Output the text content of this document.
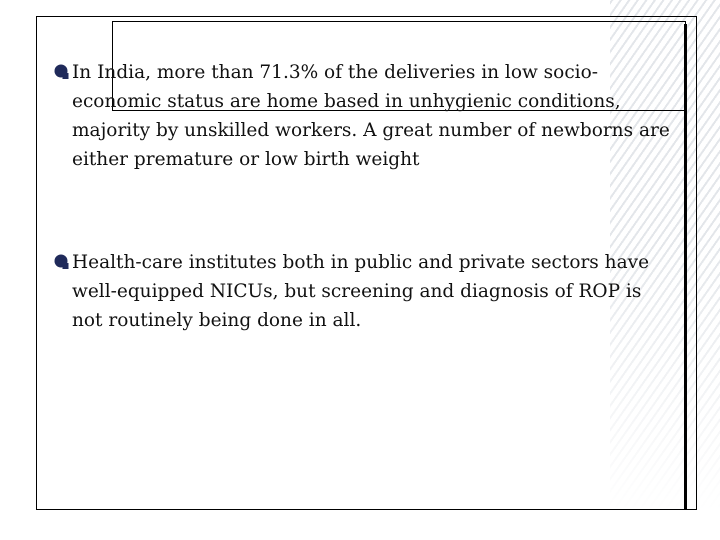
In India, more than 71.3% of the deliveries in low socio-economic status are home based in unhygienic conditions, majority by unskilled workers. A great number of newborns are either premature or low birth weight
Health-care institutes both in public and private sectors have well-equipped NICUs, but screening and diagnosis of ROP is not routinely being done in all.
